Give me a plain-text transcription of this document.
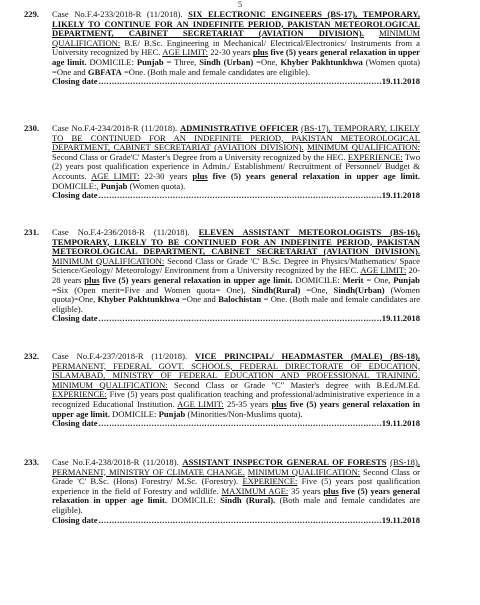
5
229.	Case No.F.4-233/2018-R (11/2018). SIX ELECTRONIC ENGINEERS (BS-17), TEMPORARY, LIKELY TO CONTINUE FOR AN INDEFINITE PERIOD, PAKISTAN METEOROLOGICAL DEPARTMENT, CABINET SECRETARIAT (AVIATION DIVISION). MINIMUM QUALIFICATION: B.E/ B.Sc. Engineering in Mechanical/ Electrical/Electronics/ Instruments from a University recognized by HEC. AGE LIMIT: 22-30 years plus five (5) years general relaxation in upper age limit. DOMICILE: Punjab = Three, Sindh (Urban) =One, Khyber Pakhtunkhwa (Women quota) =One and GBFATA =One. (Both male and female candidates are eligible).

Closing date .....	19.11.2018

230.	Case No.F.4-234/2018-R (11/2018). ADMINISTRATIVE OFFICER (BS-17), TEMPORARY, LIKELY TO BE CONTINUED FOR AN INDEFINITE PERIOD, PAKISTAN METEOROLOGICAL DEPARTMENT, CABINET SECRETARIAT (AVIATION DIVISION). MINIMUM QUALIFICATION: Second Class or Grade'C' Master's Degree from a University recognized by the HEC. EXPERIENCE: Two (2) years post qualification experience in Admin./ Establishment/ Recruitment of Personnel/ Budget & Accounts. AGE LIMIT: 22-30 years plus five (5) years general relaxation in upper age limit. DOMICILE:, Punjab (Women quota).

Closing date .....	19.11.2018

231.	Case No.F.4-236/2018-R (11/2018). ELEVEN ASSISTANT METEOROLOGISTS (BS-16), TEMPORARY, LIKELY TO BE CONTINUED FOR AN INDEFINITE PERIOD, PAKISTAN METEOROLOGICAL DEPARTMENT, CABINET SECRETARIAT (AVIATION DIVISION). MINIMUM QUALIFICATION: Second Class or Grade 'C' B.Sc. Degree in Physics/Mathematics/ Space Science/Geology/ Meteorology/ Environment from a University recognized by the HEC. AGE LIMIT: 20-28 years plus five (5) years general relaxation in upper age limit. DOMICILE: Merit = One, Punjab =Six (Open merit=Five and Women quota= One), Sindh(Rural) =One, Sindh(Urban) (Women quota)=One, Khyber Pakhtunkhwa =One and Balochistan = One. (Both male and female candidates are eligible).

Closing date .....	19.11.2018

232.	Case No.F.4-237/2018-R (11/2018). VICE PRINCIPAL/ HEADMASTER (MALE) (BS-18), PERMANENT, FEDERAL GOVT. SCHOOLS, FEDERAL DIRECTORATE OF EDUCATION, ISLAMABAD, MINISTRY OF FEDERAL EDUCATION AND PROFESSIONAL TRAINING. MINIMUM QUALIFICATION: Second Class or Grade "C" Master's degree with B.Ed./M.Ed. EXPERIENCE: Five (5) years post qualification teaching and professional/administrative experience in a recognized Educational Institution. AGE LIMIT: 25-35 years plus five (5) years general relaxation in upper age limit. DOMICILE: Punjab (Minorities/Non-Muslims quota).

Closing date .....	19.11.2018

233.	Case No.F.4-238/2018-R (11/2018). ASSISTANT INSPECTOR GENERAL OF FORESTS (BS-18), PERMANENT, MINISTRY OF CLIMATE CHANGE. MINIMUM QUALIFICATION: Second Class or Grade 'C' B.Sc. (Hons) Forestry/ M.Sc. (Forestry). EXPERIENCE: Five (5) years post qualification experience in the field of Forestry and wildlife. MAXIMUM AGE: 35 years plus five (5) years general relaxation in upper age limit. DOMICILE: Sindh (Rural). (Both male and female candidates are eligible).

Closing date .....	19.11.2018
